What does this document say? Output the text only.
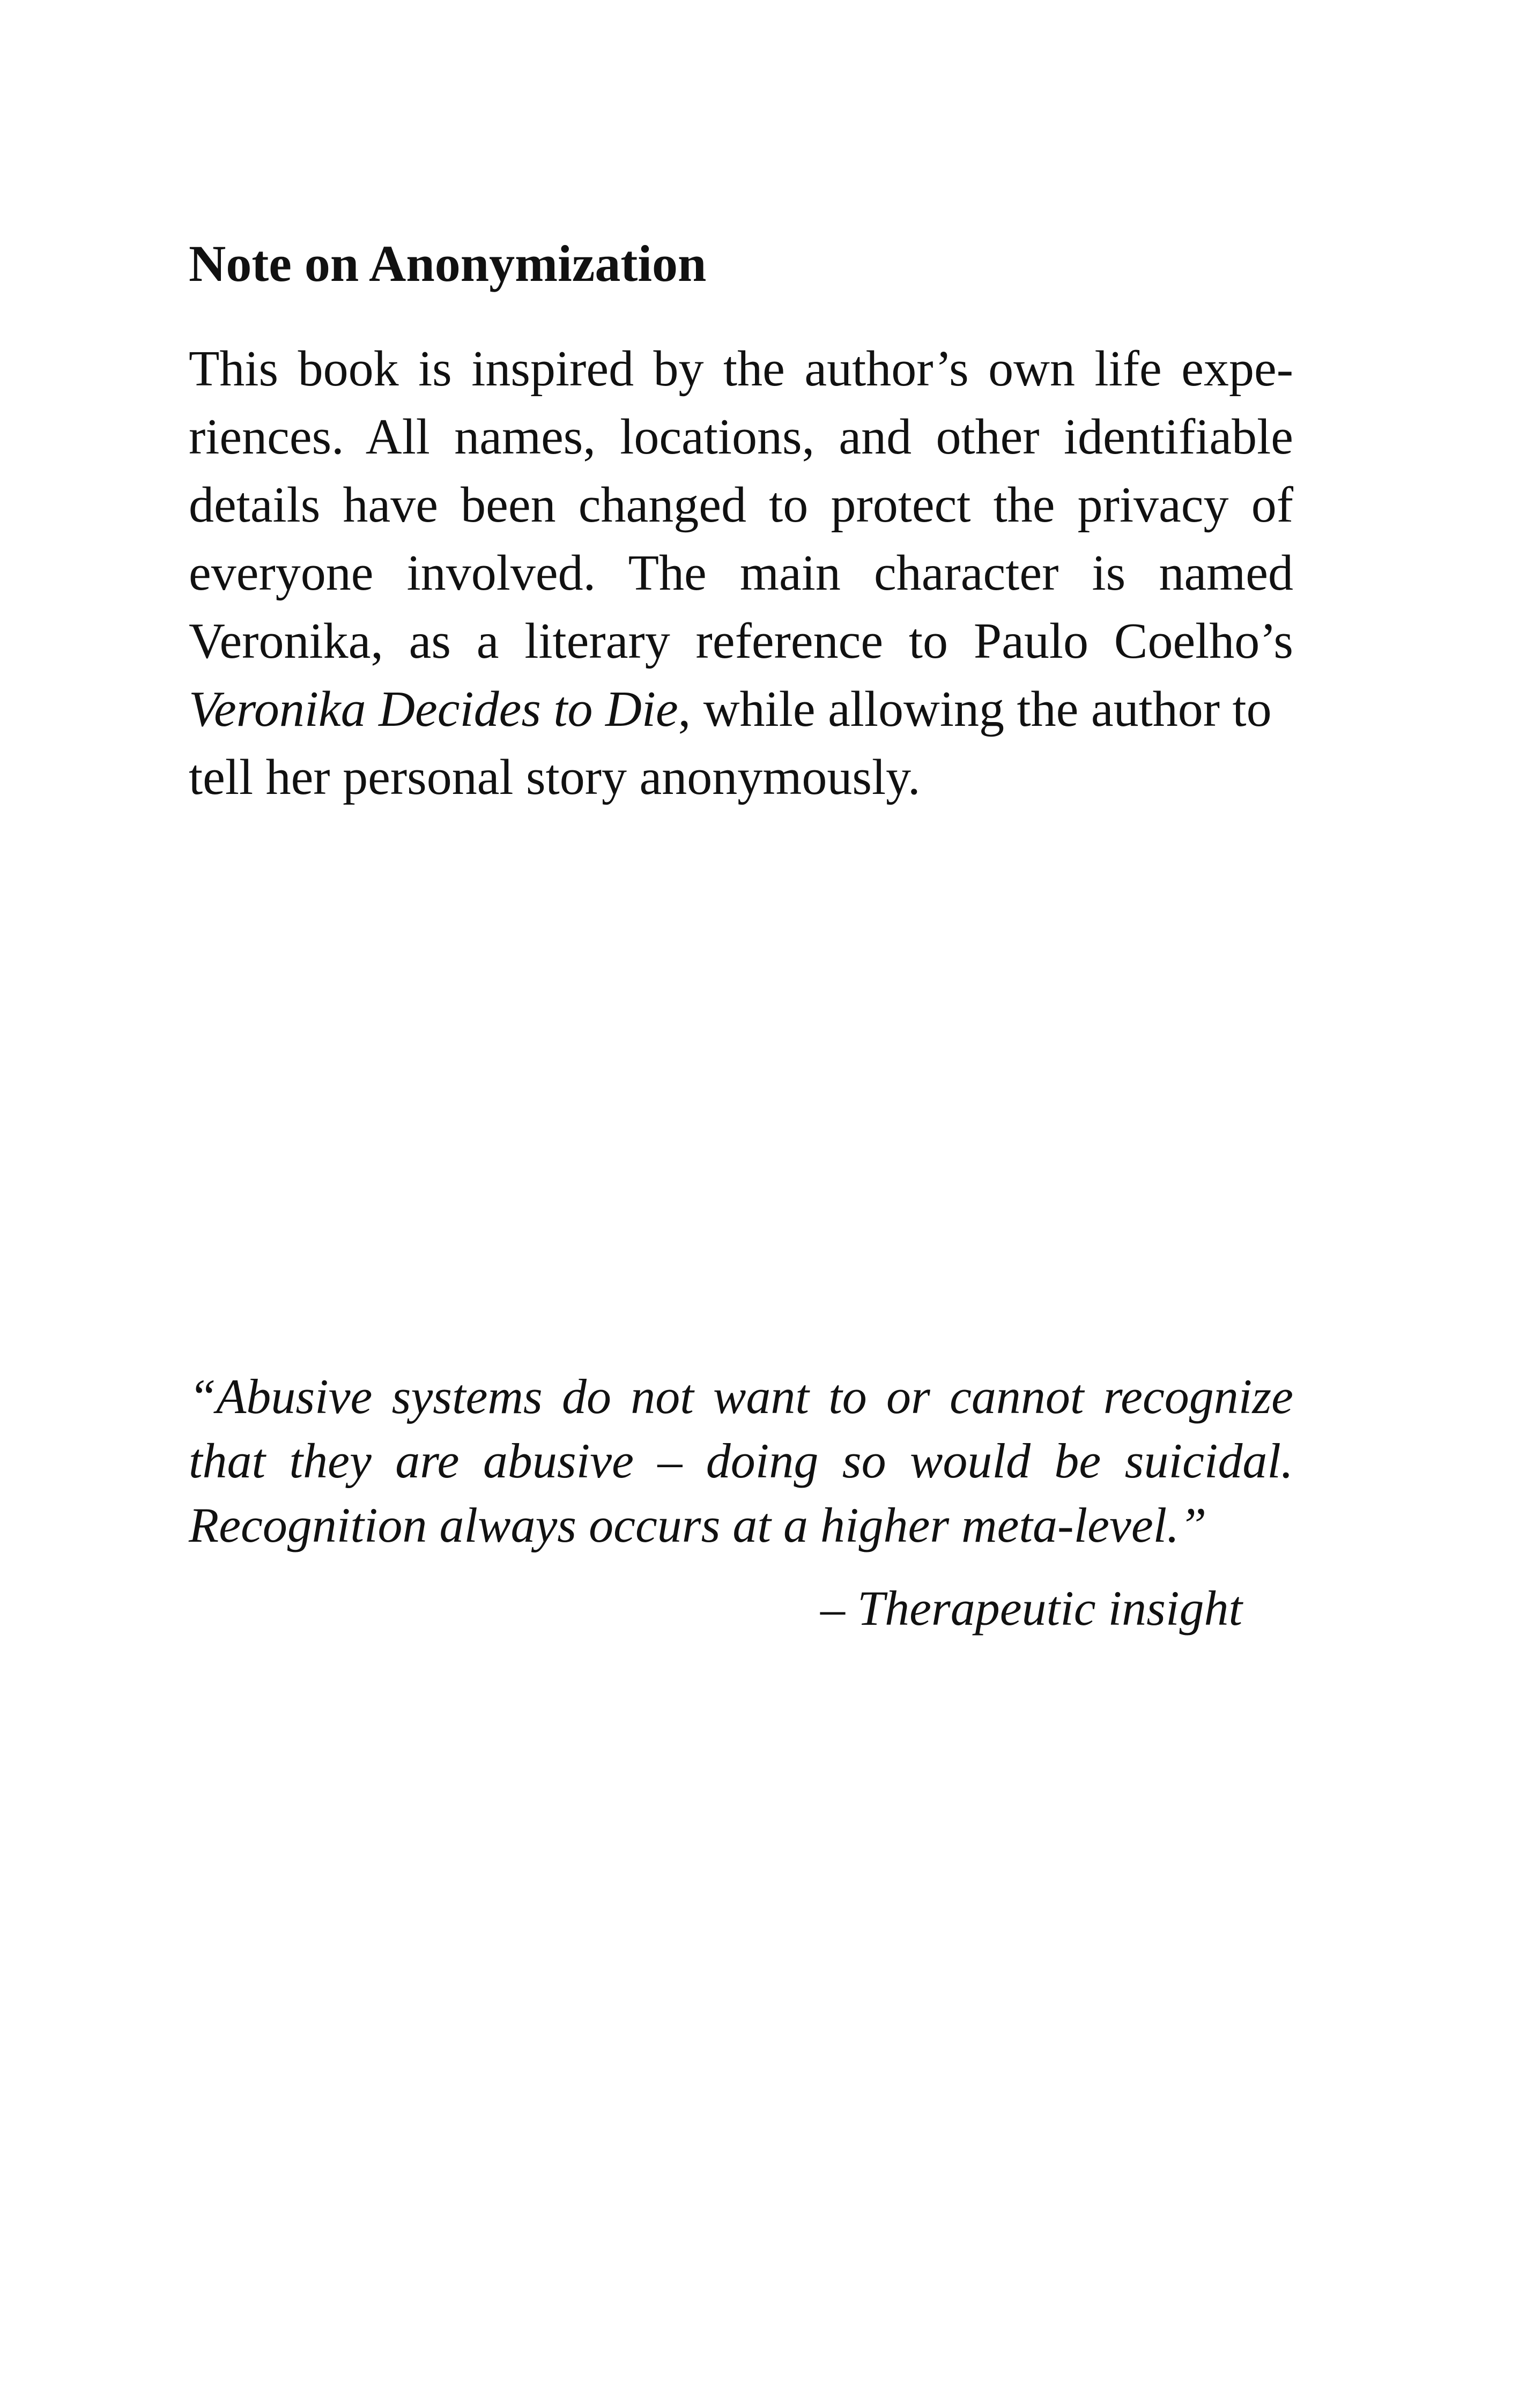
Note on Anonymization

This book is inspired by the author’s own life expe-
riences. All names, locations, and other identifiable
details have been changed to protect the privacy of
everyone involved. The main character is named
Veronika, as a literary reference to Paulo Coelho’s
Veronika Decides to Die, while allowing the author to
tell her personal story anonymously.

“Abusive systems do not want to or cannot recognize
that they are abusive – doing so would be suicidal.
Recognition always occurs at a higher meta-level.”

– Therapeutic insight
